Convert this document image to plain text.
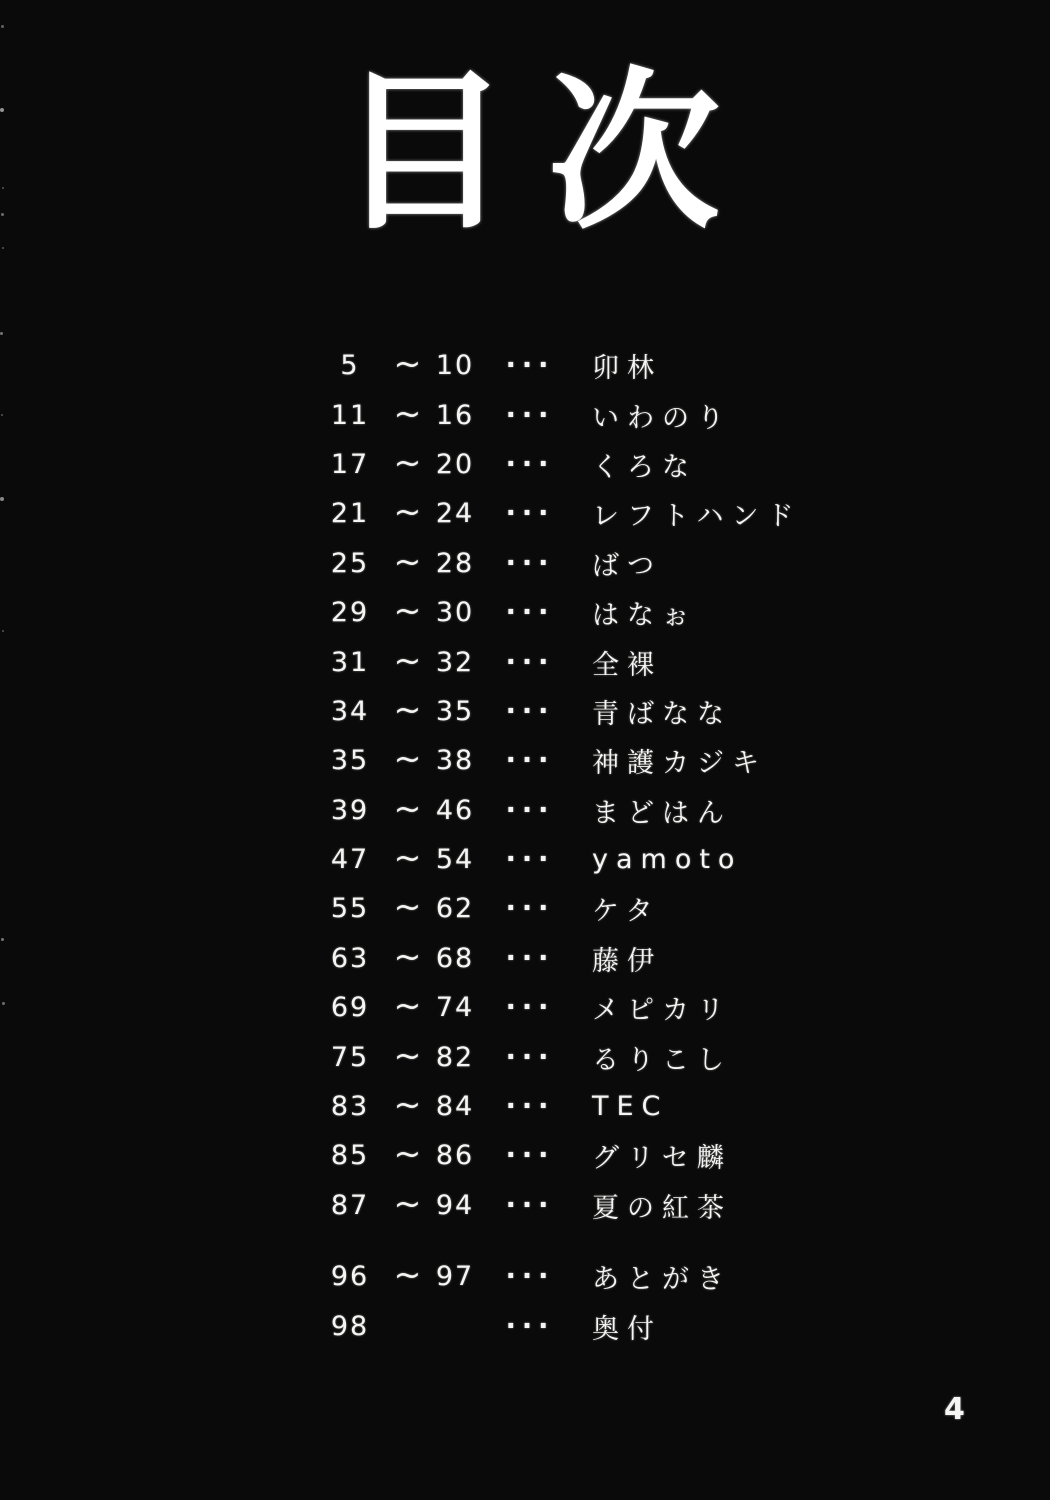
目次
5	~ 10	···	卯林
11 ~ 16	···	いわのり
17 ~ 20	···	くろな
21 ~ 24	···	レフトハンド
25 ~ 28	···	ばつ
29 ~ 30	···	はなぉ
31 ~ 32	···	全裸
34 ~ 35	···	青ばなな
35 ~ 38	···	神護カジキ
39 ~ 46	···	まどはん
47 ~ 54	···	yamoto
55 ~ 62	···	ケタ
63 ~ 68	···	藤伊
69 ~ 74	···	メピカリ
75 ~ 82	···	るりこし
83 ~ 84	···	TEC
85 ~ 86	···	グリセ麟
87 ~ 94	···	夏の紅茶
96 ~ 97	···	あとがき
98	···	奥付
4
